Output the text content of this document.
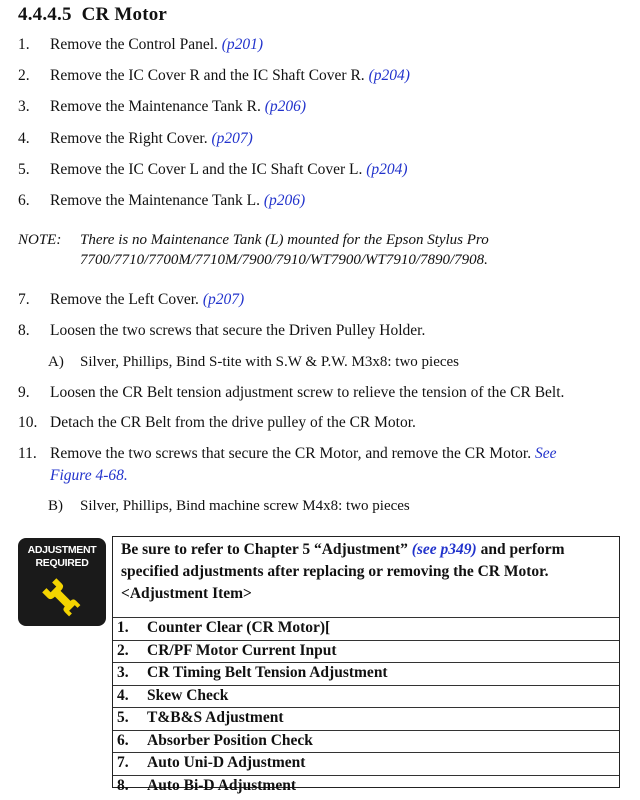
4.4.4.5 CR Motor
1. Remove the Control Panel. (p201)
2. Remove the IC Cover R and the IC Shaft Cover R. (p204)
3. Remove the Maintenance Tank R. (p206)
4. Remove the Right Cover. (p207)
5. Remove the IC Cover L and the IC Shaft Cover L. (p204)
6. Remove the Maintenance Tank L. (p206)
NOTE: There is no Maintenance Tank (L) mounted for the Epson Stylus Pro
7700/7710/7700M/7710M/7900/7910/WT7900/WT7910/7890/7908.
7. Remove the Left Cover. (p207)
8. Loosen the two screws that secure the Driven Pulley Holder.
A) Silver, Phillips, Bind S-tite with S.W & P.W. M3x8: two pieces
9. Loosen the CR Belt tension adjustment screw to relieve the tension of the CR Belt.
10. Detach the CR Belt from the drive pulley of the CR Motor.
11. Remove the two screws that secure the CR Motor, and remove the CR Motor. See
Figure 4-68.
B) Silver, Phillips, Bind machine screw M4x8: two pieces
ADJUSTMENT
REQUIRED
Be sure to refer to Chapter 5 “Adjustment” (see p349) and perform specified adjustments after replacing or removing the CR Motor.
<Adjustment Item>
1. Counter Clear (CR Motor)[
2. CR/PF Motor Current Input
3. CR Timing Belt Tension Adjustment
4. Skew Check
5. T&B&S Adjustment
6. Absorber Position Check
7. Auto Uni-D Adjustment
8. Auto Bi-D Adjustment
